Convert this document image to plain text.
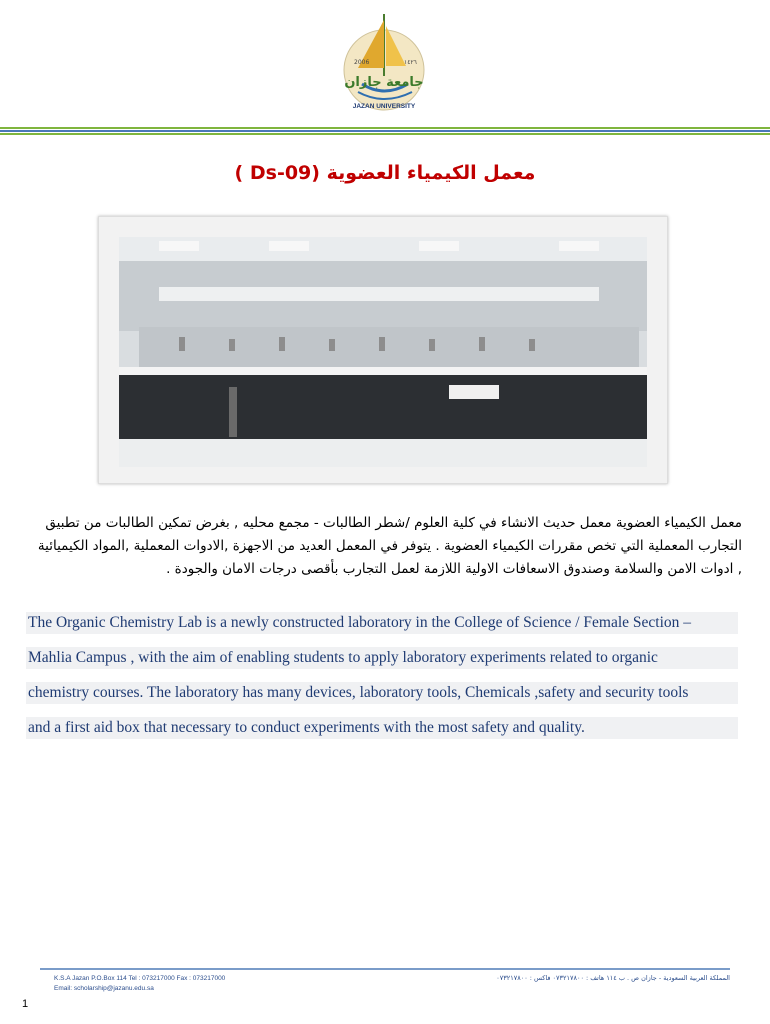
2006	١٤٢٦
جامعة جازان
JAZAN UNIVERSITY
معمل الكيمياء العضوية (Ds-09 )

معمل الكيمياء العضوية معمل حديث الانشاء في كلية العلوم /شطر الطالبات - مجمع محليه , بغرض تمكين الطالبات من تطبيق

التجارب المعملية التي تخص مقررات الكيمياء العضوية . يتوفر في المعمل العديد من الاجهزة ,الادوات المعملية ,المواد الكيميائية

, ادوات الامن والسلامة وصندوق الاسعافات الاولية اللازمة لعمل التجارب بأقصى درجات الامان والجودة .

The Organic Chemistry Lab is a newly constructed laboratory in the College of Science / Female Section –
Mahlia Campus , with the aim of enabling students to apply laboratory experiments related to organic
chemistry courses. The laboratory has many devices, laboratory tools, Chemicals ,safety and security tools
and a first aid box that necessary to conduct experiments with the most safety and quality.
K.S.A Jazan P.O.Box 114 Tel : 073217000 Fax : 073217000
Email: scholarship@jazanu.edu.sa
المملكة العربية السعودية - جازان ص . ب ١١٤ هاتف : ٠٧٣٢١٧٨٠٠ فاكس : ٠٧٣٢١٧٨٠٠
1
